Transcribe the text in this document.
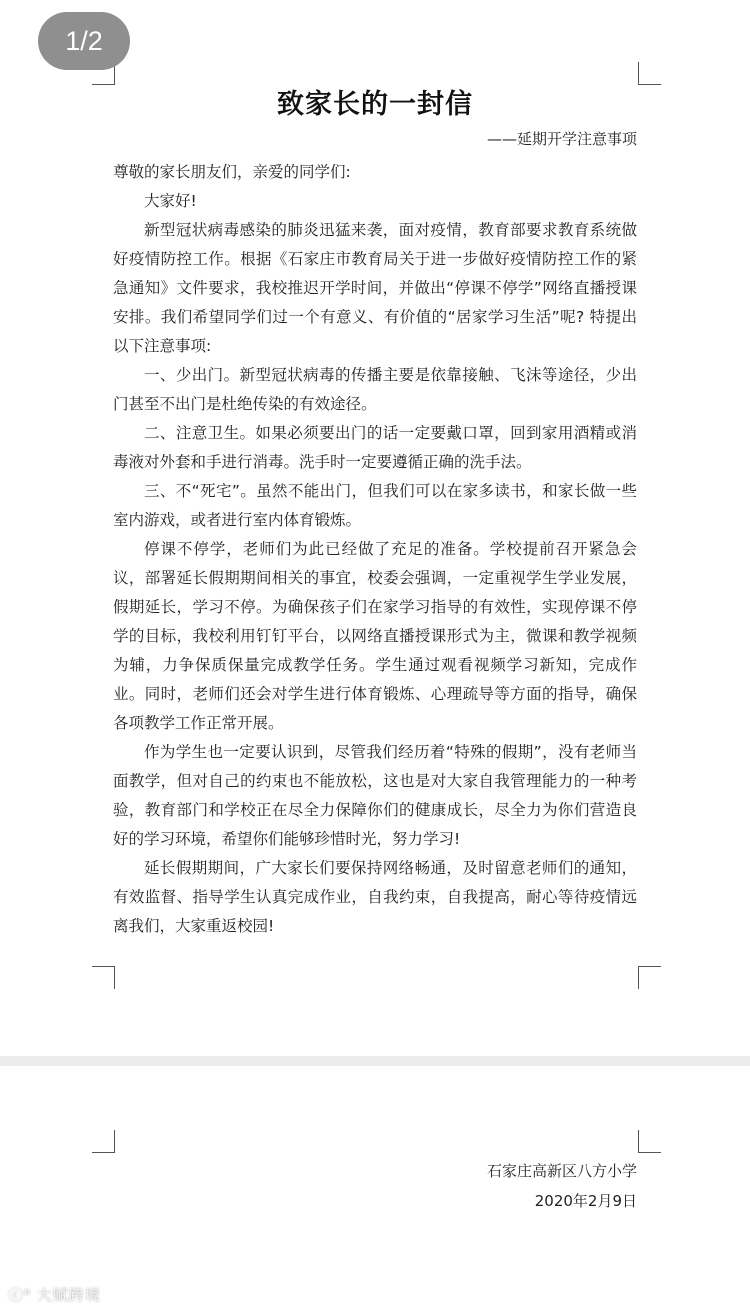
致家长的一封信
——延期开学注意事项

尊敬的家长朋友们，亲爱的同学们:

大家好!

新型冠状病毒感染的肺炎迅猛来袭，面对疫情，教育部要求教育系统做好疫情防控工作。根据《石家庄市教育局关于进一步做好疫情防控工作的紧急通知》文件要求，我校推迟开学时间，并做出“停课不停学”网络直播授课安排。我们希望同学们过一个有意义、有价值的“居家学习生活”呢? 特提出以下注意事项:

一、少出门。新型冠状病毒的传播主要是依靠接触、飞沫等途径，少出门甚至不出门是杜绝传染的有效途径。

二、注意卫生。如果必须要出门的话一定要戴口罩，回到家用酒精或消毒液对外套和手进行消毒。洗手时一定要遵循正确的洗手法。

三、不“死宅”。虽然不能出门，但我们可以在家多读书，和家长做一些室内游戏，或者进行室内体育锻炼。

停课不停学，老师们为此已经做了充足的准备。学校提前召开紧急会议，部署延长假期期间相关的事宜，校委会强调，一定重视学生学业发展，假期延长，学习不停。为确保孩子们在家学习指导的有效性，实现停课不停学的目标，我校利用钉钉平台，以网络直播授课形式为主，微课和教学视频为辅，力争保质保量完成教学任务。学生通过观看视频学习新知，完成作业。同时，老师们还会对学生进行体育锻炼、心理疏导等方面的指导，确保各项教学工作正常开展。

作为学生也一定要认识到，尽管我们经历着“特殊的假期”，没有老师当面教学，但对自己的约束也不能放松，这也是对大家自我管理能力的一种考验，教育部门和学校正在尽全力保障你们的健康成长，尽全力为你们营造良好的学习环境，希望你们能够珍惜时光，努力学习!

延长假期期间，广大家长们要保持网络畅通，及时留意老师们的通知，有效监督、指导学生认真完成作业，自我约束，自我提高，耐心等待疫情远离我们，大家重返校园!

石家庄高新区八方小学
2020年2月9日
1/2
ⓒ⁰ 大赋跨境
